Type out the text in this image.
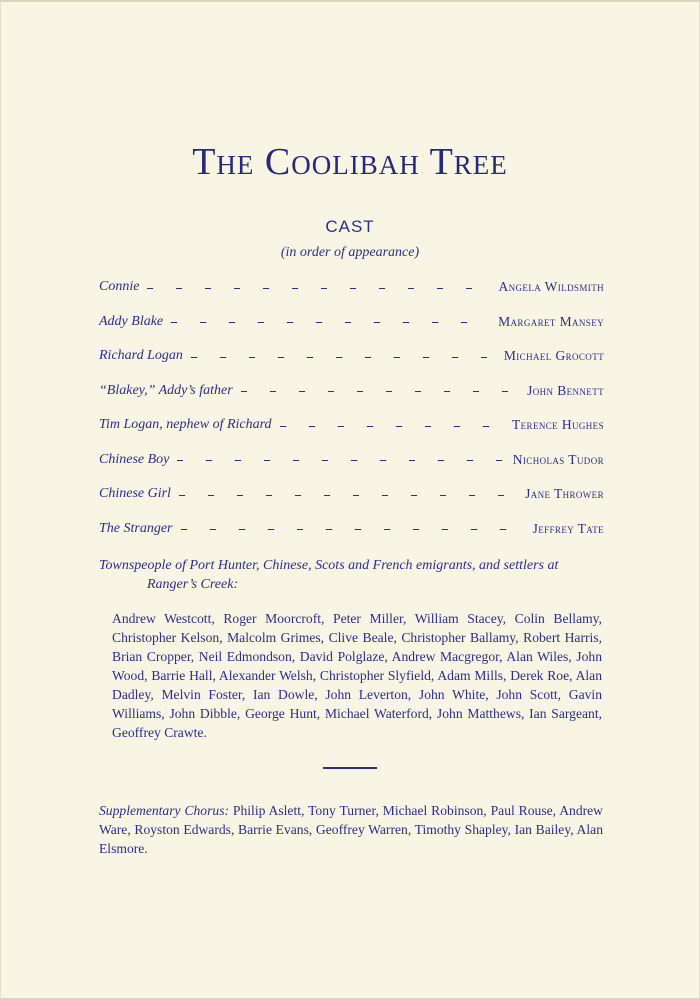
The Coolibah Tree
CAST
(in order of appearance)
Connie	Angela Wildsmith
Addy Blake	Margaret Mansey
Richard Logan	Michael Grocott
“Blakey,” Addy’s father	John Bennett
Tim Logan, nephew of Richard	Terence Hughes
Chinese Boy	Nicholas Tudor
Chinese Girl	Jane Thrower
The Stranger	Jeffrey Tate
Townspeople of Port Hunter, Chinese, Scots and French emigrants, and settlers at
Ranger’s Creek:
Andrew Westcott, Roger Moorcroft, Peter Miller, William Stacey, Colin Bellamy, Christopher Kelson, Malcolm Grimes, Clive Beale, Christopher Ballamy, Robert Harris, Brian Cropper, Neil Edmondson, David Polglaze, Andrew Macgregor, Alan Wiles, John Wood, Barrie Hall, Alexander Welsh, Christopher Slyfield, Adam Mills, Derek Roe, Alan Dadley, Melvin Foster, Ian Dowle, John Leverton, John White, John Scott, Gavin Williams, John Dibble, George Hunt, Michael Waterford, John Matthews, Ian Sargeant, Geoffrey Crawte.
Supplementary Chorus: Philip Aslett, Tony Turner, Michael Robinson, Paul Rouse, Andrew Ware, Royston Edwards, Barrie Evans, Geoffrey Warren, Timothy Shapley, Ian Bailey, Alan Elsmore.
